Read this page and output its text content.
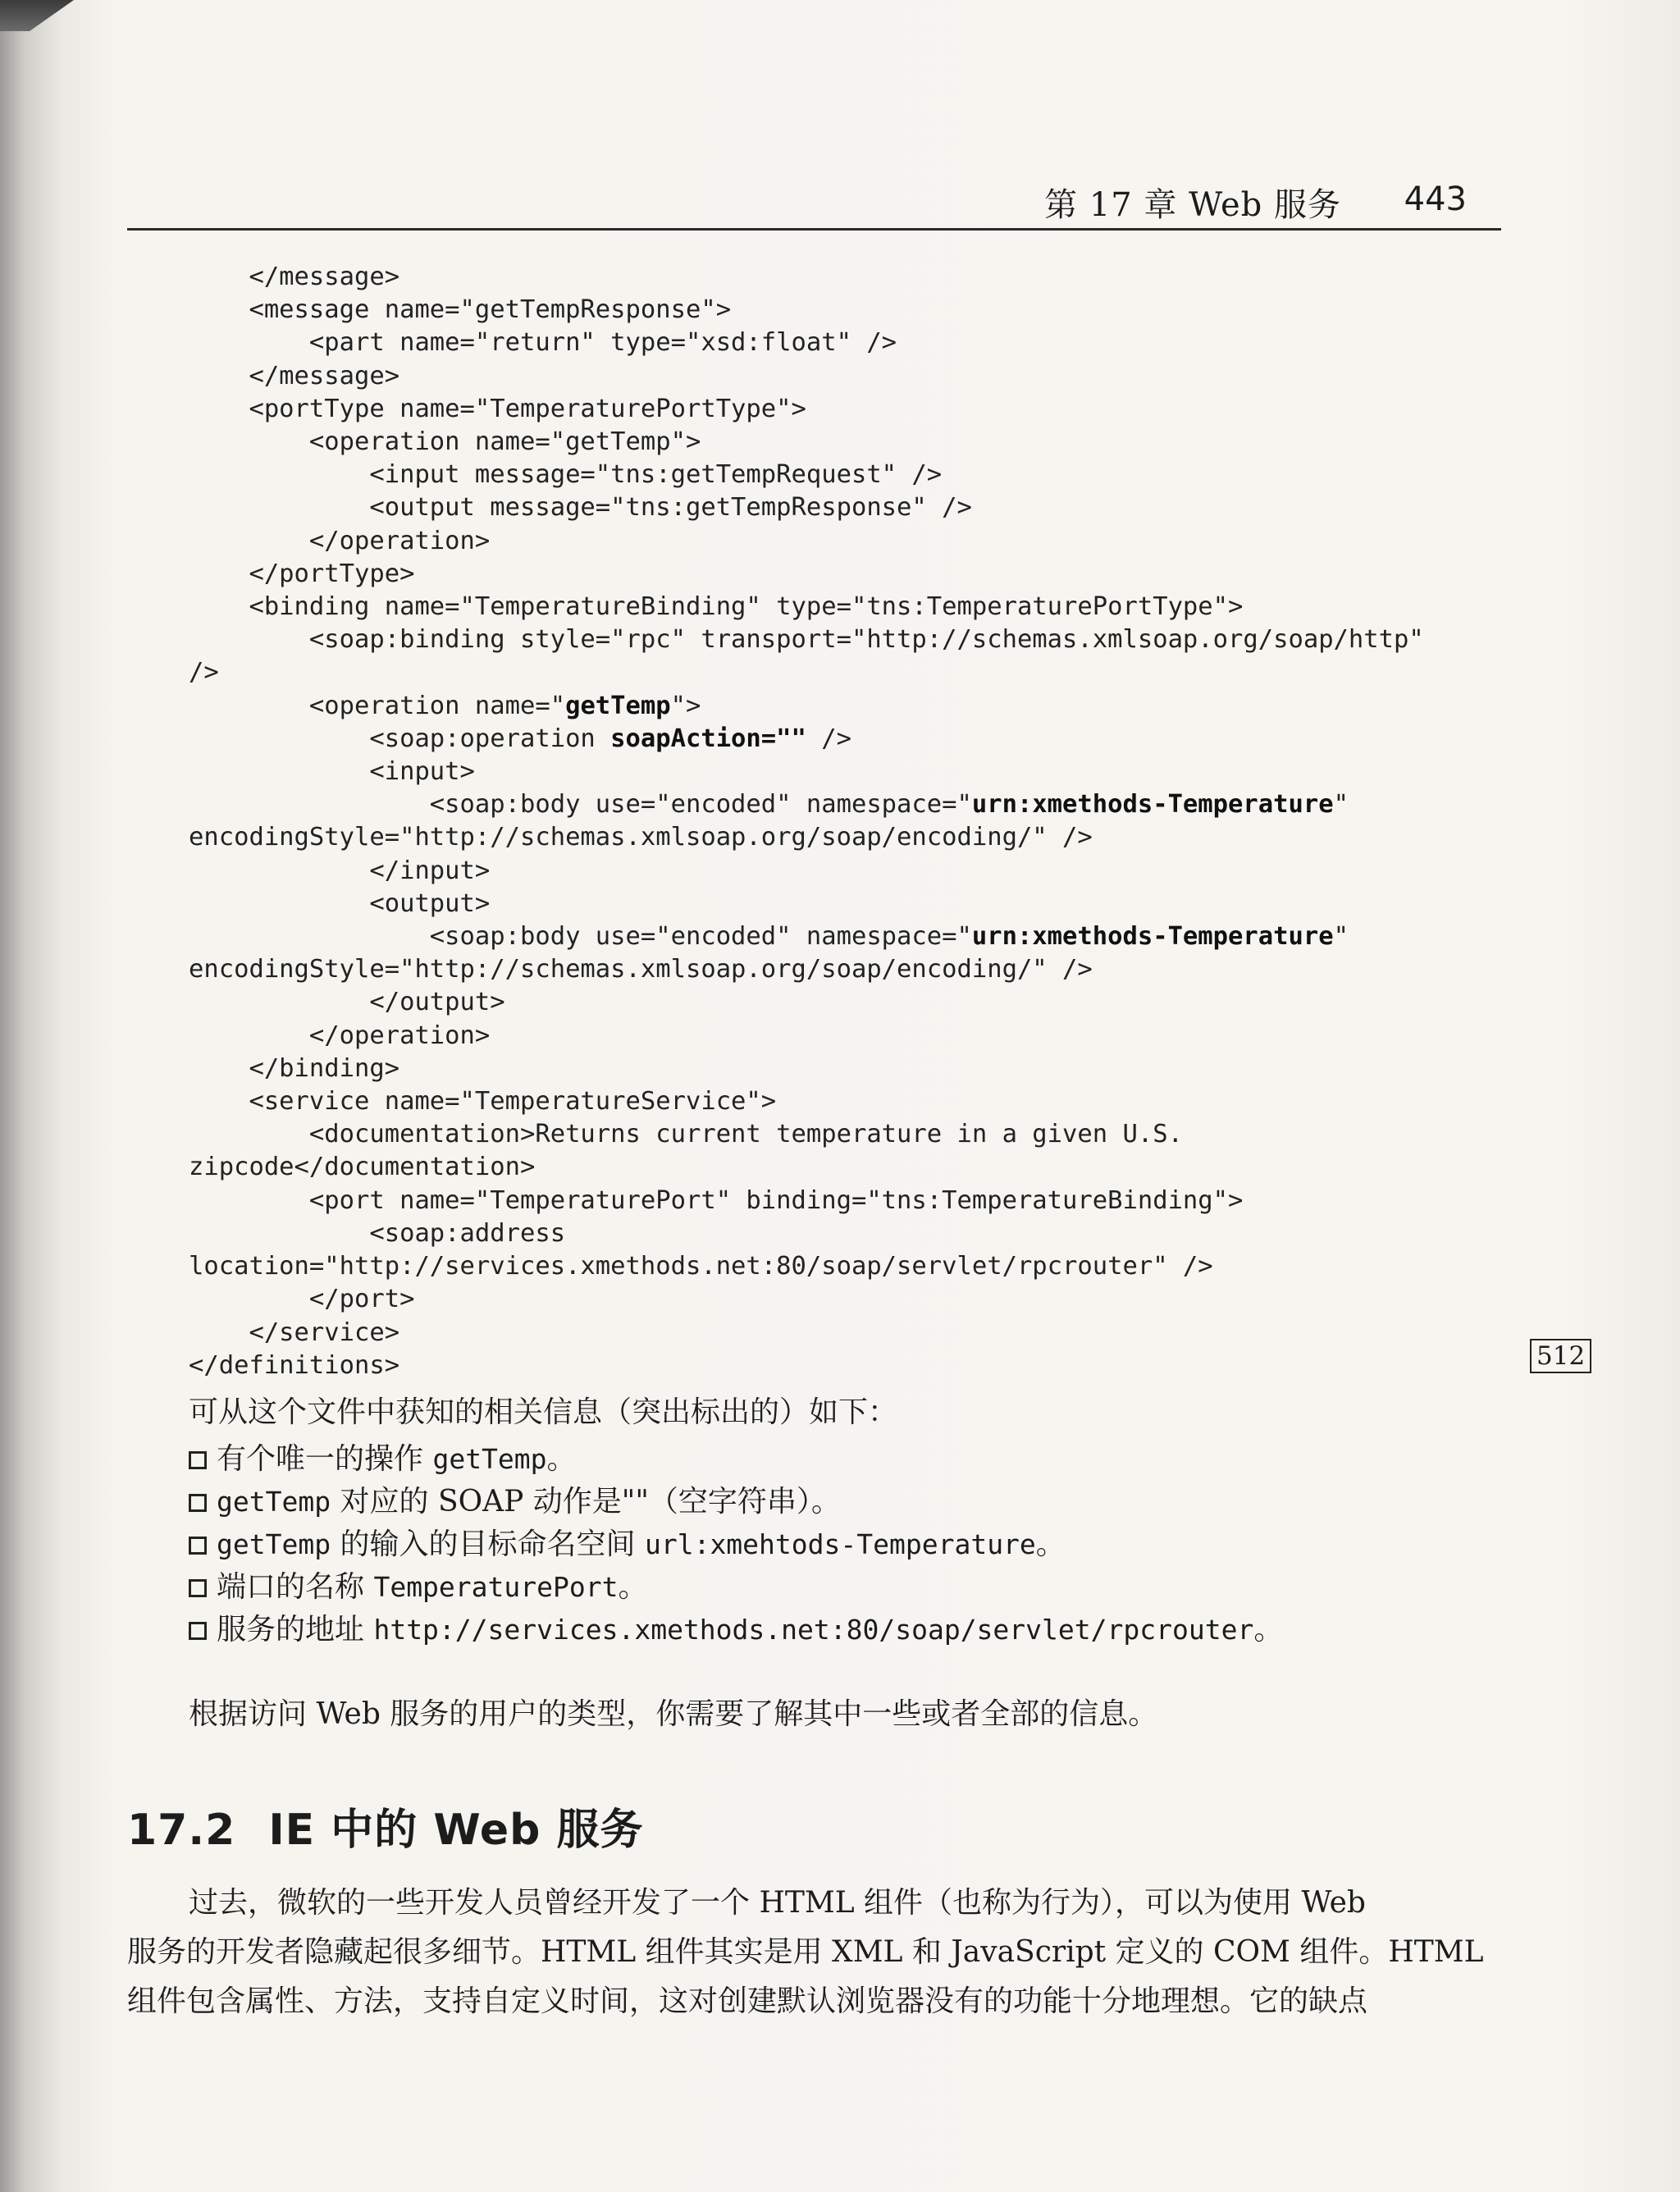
第 17 章 Web 服务 443
</message>
<message name="getTempResponse">
<part name="return" type="xsd:float" />
</message>
<portType name="TemperaturePortType">
<operation name="getTemp">
<input message="tns:getTempRequest" />
<output message="tns:getTempResponse" />
</operation>
</portType>
<binding name="TemperatureBinding" type="tns:TemperaturePortType">
<soap:binding style="rpc" transport="http://schemas.xmlsoap.org/soap/http"
/>
<operation name="getTemp">
<soap:operation soapAction="" />
<input>
<soap:body use="encoded" namespace="urn:xmethods-Temperature"
encodingStyle="http://schemas.xmlsoap.org/soap/encoding/" />
</input>
<output>
<soap:body use="encoded" namespace="urn:xmethods-Temperature"
encodingStyle="http://schemas.xmlsoap.org/soap/encoding/" />
</output>
</operation>
</binding>
<service name="TemperatureService">
<documentation>Returns current temperature in a given U.S.
zipcode</documentation>
<port name="TemperaturePort" binding="tns:TemperatureBinding">
<soap:address
location="http://services.xmethods.net:80/soap/servlet/rpcrouter" />
</port>
</service>
</definitions>	512
可从这个文件中获知的相关信息（突出标出的）如下：
有个唯一的操作 getTemp。
getTemp 对应的 SOAP 动作是""（空字符串）。
getTemp 的输入的目标命名空间 url:xmehtods-Temperature。
端口的名称 TemperaturePort。
服务的地址 http://services.xmethods.net:80/soap/servlet/rpcrouter。
根据访问 Web 服务的用户的类型，你需要了解其中一些或者全部的信息。
17.2 IE 中的 Web 服务
过去，微软的一些开发人员曾经开发了一个 HTML 组件（也称为行为），可以为使用 Web
服务的开发者隐藏起很多细节。HTML 组件其实是用 XML 和 JavaScript 定义的 COM 组件。HTML
组件包含属性、方法，支持自定义时间，这对创建默认浏览器没有的功能十分地理想。它的缺点
